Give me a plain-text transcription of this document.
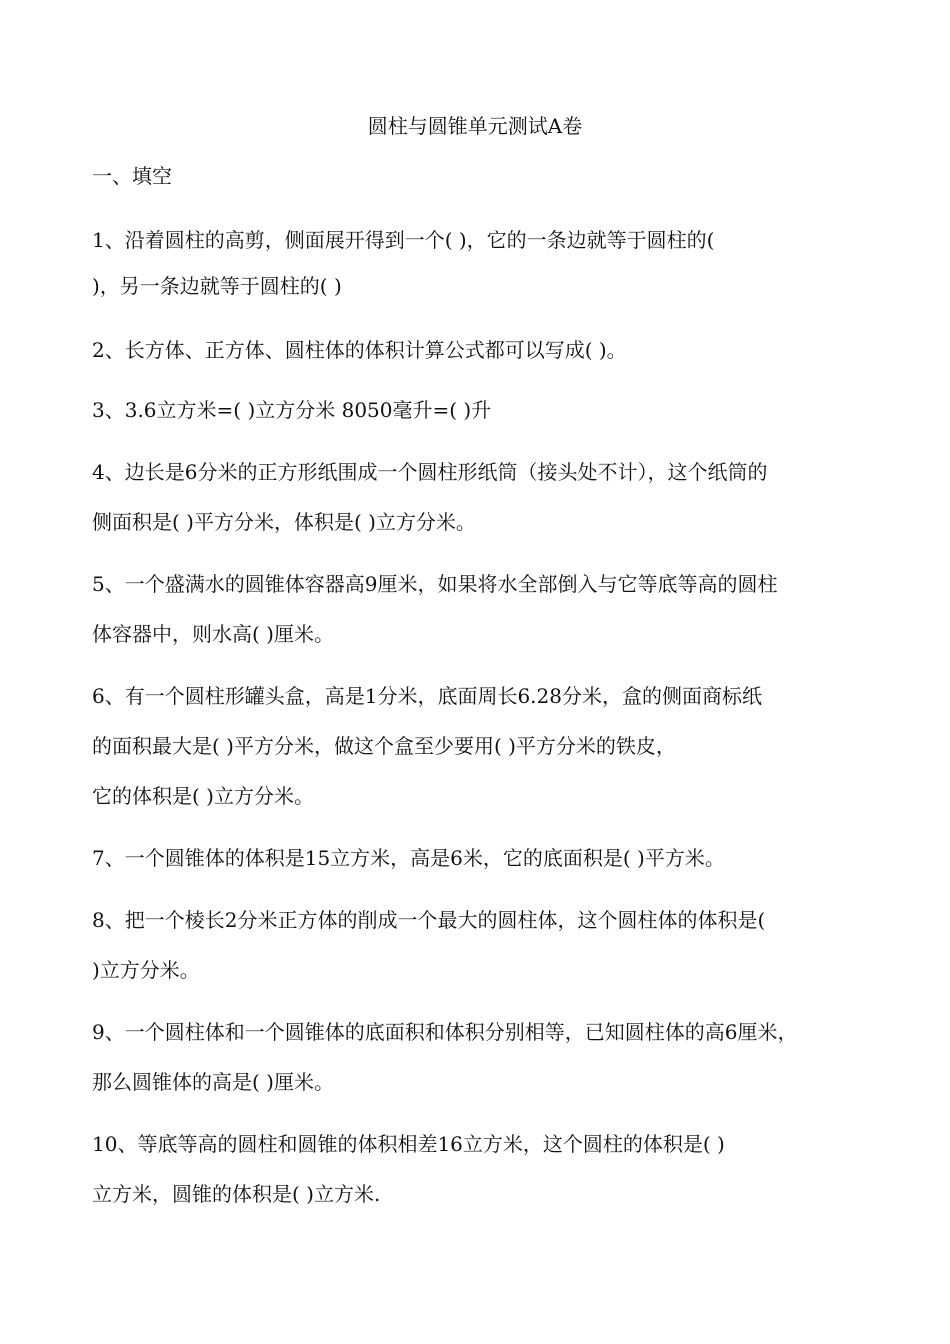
圆柱与圆锥单元测试A卷
一、填空
1、沿着圆柱的高剪，侧面展开得到一个( )，它的一条边就等于圆柱的(
)，另一条边就等于圆柱的( )
2、长方体、正方体、圆柱体的体积计算公式都可以写成( )。
3、3.6立方米=( )立方分米 8050毫升=( )升
4、边长是6分米的正方形纸围成一个圆柱形纸筒（接头处不计），这个纸筒的
侧面积是( )平方分米，体积是( )立方分米。
5、一个盛满水的圆锥体容器高9厘米，如果将水全部倒入与它等底等高的圆柱
体容器中，则水高( )厘米。
6、有一个圆柱形罐头盒，高是1分米，底面周长6.28分米，盒的侧面商标纸
的面积最大是( )平方分米，做这个盒至少要用( )平方分米的铁皮，
它的体积是( )立方分米。
7、一个圆锥体的体积是15立方米，高是6米，它的底面积是( )平方米。
8、把一个棱长2分米正方体的削成一个最大的圆柱体，这个圆柱体的体积是(
)立方分米。
9、一个圆柱体和一个圆锥体的底面积和体积分别相等，已知圆柱体的高6厘米，
那么圆锥体的高是( )厘米。
10、等底等高的圆柱和圆锥的体积相差16立方米，这个圆柱的体积是( )
立方米，圆锥的体积是( )立方米.
